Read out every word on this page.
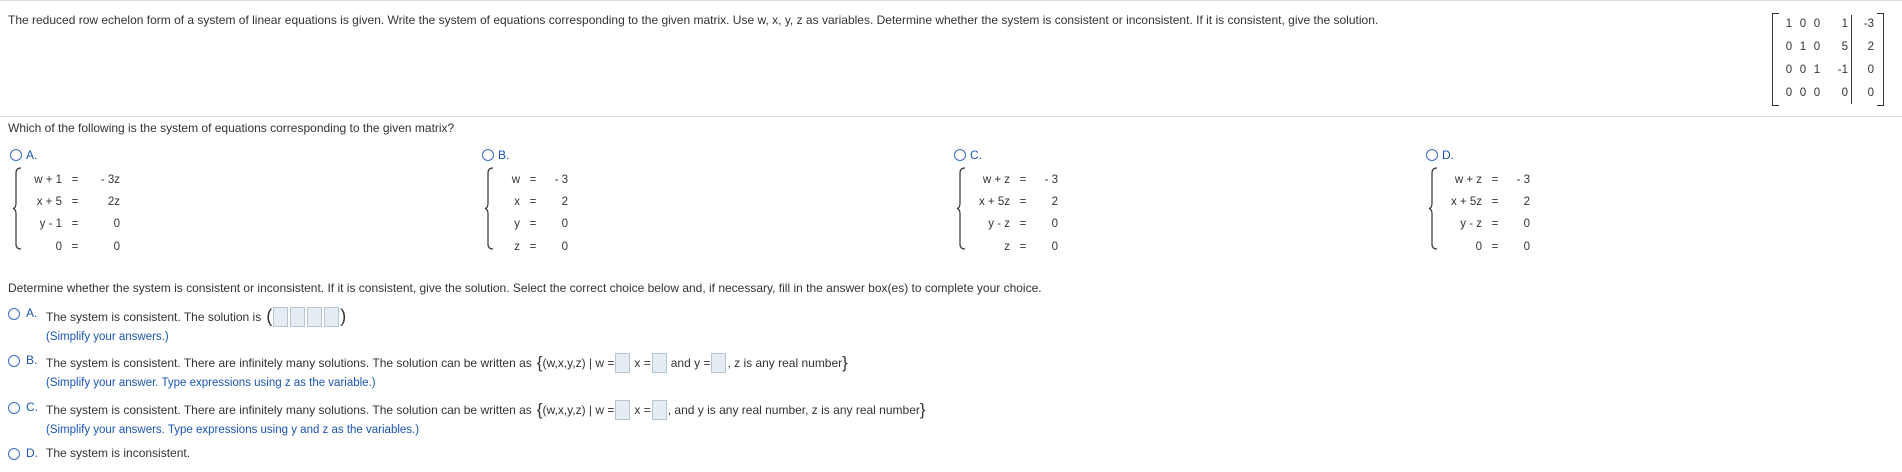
The reduced row echelon form of a system of linear equations is given. Write the system of equations corresponding to the given matrix. Use w, x, y, z as variables. Determine whether the system is consistent or inconsistent. If it is consistent, give the solution.	1 0 0	1	-3
0 1 0	5	2
0 0 1	-1	0
0 0 0	0	0
Which of the following is the system of equations corresponding to the given matrix?
A.	B.	C.	D.
w + 1 = - 3z
x + 5 =	2z
y - 1 =	0
0 =	0
w = - 3
x = 2
y = 0
z = 0
w + z = - 3
x + 5z = 2
y - z = 0
z = 0
w + z = - 3
x + 5z = 2
y - z = 0
0 = 0
Determine whether the system is consistent or inconsistent. If it is consistent, give the solution. Select the correct choice below and, if necessary, fill in the answer box(es) to complete your choice.
A. The system is consistent. The solution is (	)
(Simplify your answers.)
B. The system is consistent. There are infinitely many solutions. The solution can be written as { (w,x,y,z) | w = x = and y = , z is any real number }
(Simplify your answer. Type expressions using z as the variable.)
C. The system is consistent. There are infinitely many solutions. The solution can be written as { (w,x,y,z) | w = x = , and y is any real number, z is any real number }
(Simplify your answers. Type expressions using y and z as the variables.)
D. The system is inconsistent.
